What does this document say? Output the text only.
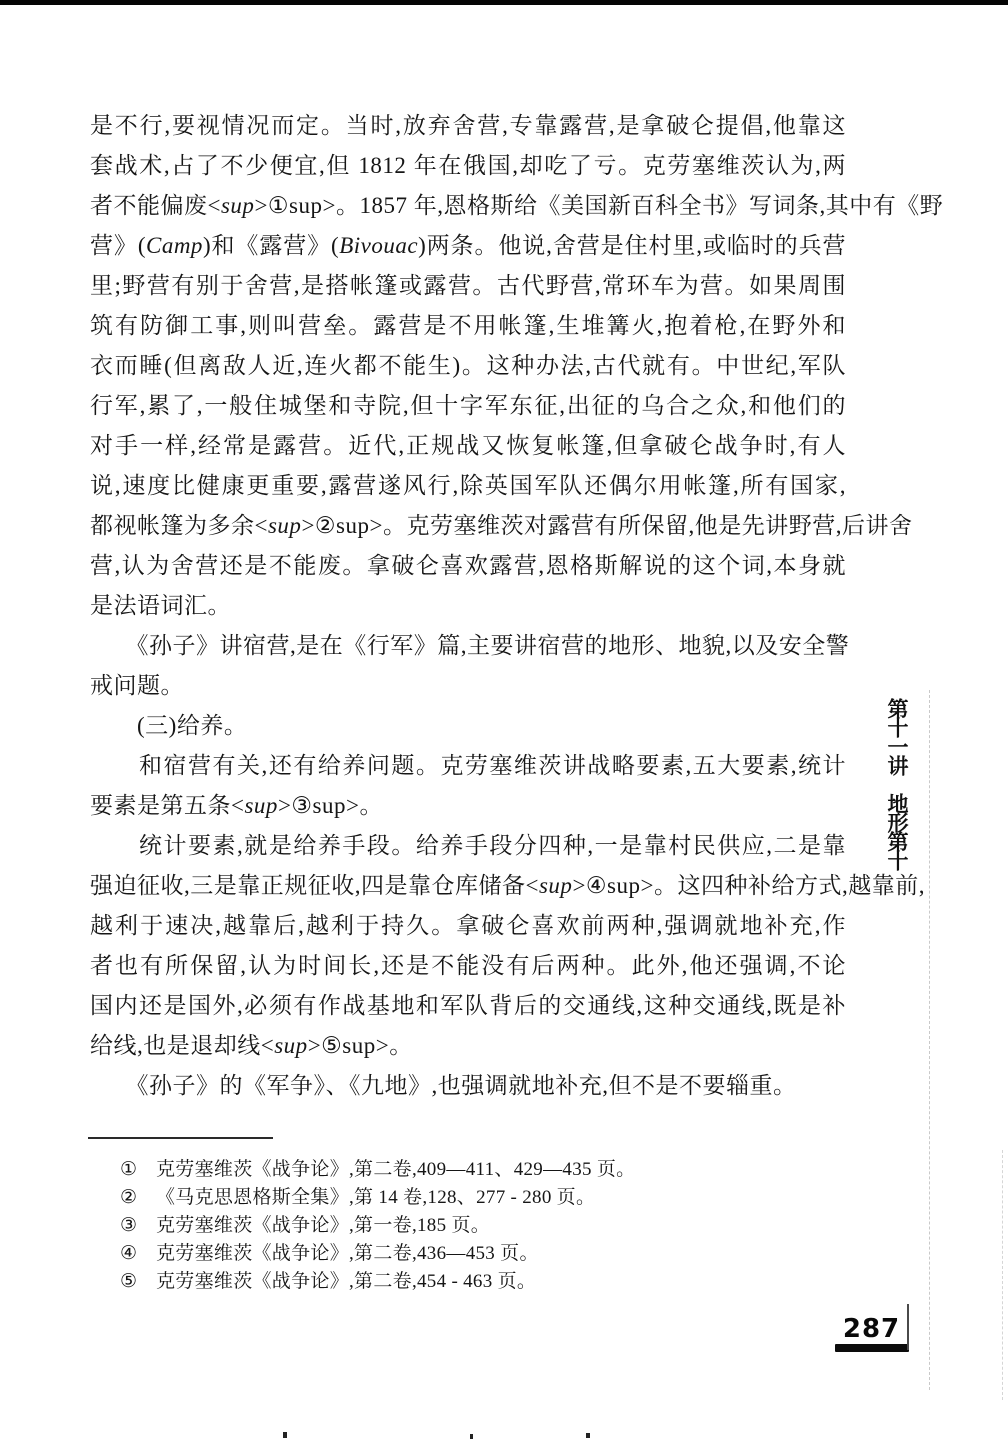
是不行,要视情况而定。当时,放弃舍营,专靠露营,是拿破仑提倡,他靠这
套战术,占了不少便宜,但 1812 年在俄国,却吃了亏。克劳塞维茨认为,两
者不能偏废<sup>①sup>。1857 年,恩格斯给《美国新百科全书》写词条,其中有《野
营》(Camp)和《露营》(Bivouac)两条。他说,舍营是住村里,或临时的兵营
里;野营有别于舍营,是搭帐篷或露营。古代野营,常环车为营。如果周围
筑有防御工事,则叫营垒。露营是不用帐篷,生堆篝火,抱着枪,在野外和
衣而睡(但离敌人近,连火都不能生)。这种办法,古代就有。中世纪,军队
行军,累了,一般住城堡和寺院,但十字军东征,出征的乌合之众,和他们的
对手一样,经常是露营。近代,正规战又恢复帐篷,但拿破仑战争时,有人
说,速度比健康更重要,露营遂风行,除英国军队还偶尔用帐篷,所有国家,
都视帐篷为多余<sup>②sup>。克劳塞维茨对露营有所保留,他是先讲野营,后讲舍
营,认为舍营还是不能废。拿破仑喜欢露营,恩格斯解说的这个词,本身就
是法语词汇。
　　《孙子》讲宿营,是在《行军》篇,主要讲宿营的地形、地貌,以及安全警
戒问题。
　　(三)给养。
　　和宿营有关,还有给养问题。克劳塞维茨讲战略要素,五大要素,统计
要素是第五条<sup>③sup>。
　　统计要素,就是给养手段。给养手段分四种,一是靠村民供应,二是靠
强迫征收,三是靠正规征收,四是靠仓库储备<sup>④sup>。这四种补给方式,越靠前,
越利于速决,越靠后,越利于持久。拿破仑喜欢前两种,强调就地补充,作
者也有所保留,认为时间长,还是不能没有后两种。此外,他还强调,不论
国内还是国外,必须有作战基地和军队背后的交通线,这种交通线,既是补
给线,也是退却线<sup>⑤sup>。
　　《孙子》的《军争》、《九地》,也强调就地补充,但不是不要辎重。
第十一讲　地形第十
① 克劳塞维茨《战争论》,第二卷,409—411、429—435 页。
② 《马克思恩格斯全集》,第 14 卷,128、277 - 280 页。
③ 克劳塞维茨《战争论》,第一卷,185 页。
④ 克劳塞维茨《战争论》,第二卷,436—453 页。
⑤ 克劳塞维茨《战争论》,第二卷,454 - 463 页。
287
